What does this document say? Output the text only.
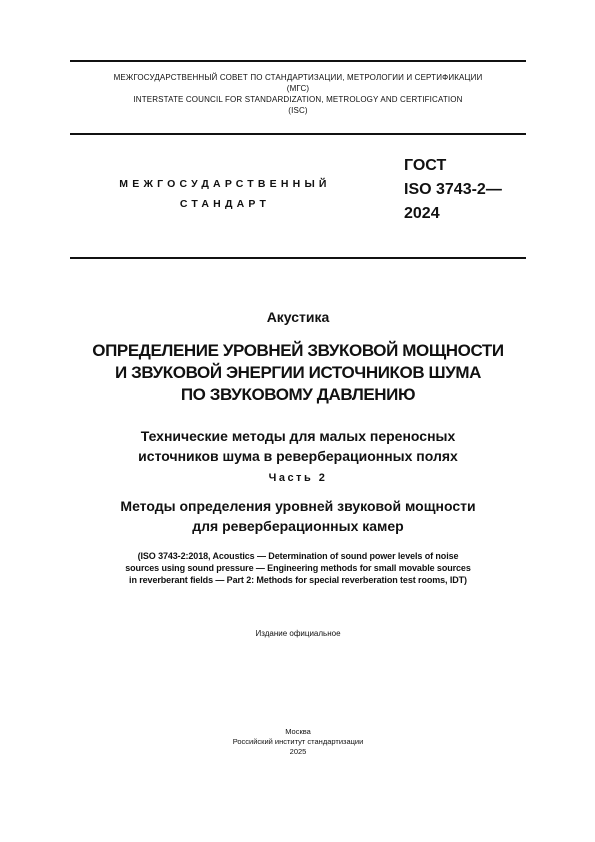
МЕЖГОСУДАРСТВЕННЫЙ СОВЕТ ПО СТАНДАРТИЗАЦИИ, МЕТРОЛОГИИ И СЕРТИФИКАЦИИ
(МГС)
INTERSTATE COUNCIL FOR STANDARDIZATION, METROLOGY AND CERTIFICATION
(ISC)
МЕЖГОСУДАРСТВЕННЫЙ
СТАНДАРТ
ГОСТ
ISO 3743-2—
2024
Акустика
ОПРЕДЕЛЕНИЕ УРОВНЕЙ ЗВУКОВОЙ МОЩНОСТИ
И ЗВУКОВОЙ ЭНЕРГИИ ИСТОЧНИКОВ ШУМА
ПО ЗВУКОВОМУ ДАВЛЕНИЮ
Технические методы для малых переносных
источников шума в реверберационных полях
Часть 2
Методы определения уровней звуковой мощности
для реверберационных камер
(ISO 3743-2:2018, Acoustics — Determination of sound power levels of noise
sources using sound pressure — Engineering methods for small movable sources
in reverberant fields — Part 2: Methods for special reverberation test rooms, IDT)
Издание официальное
Москва
Российский институт стандартизации
2025
